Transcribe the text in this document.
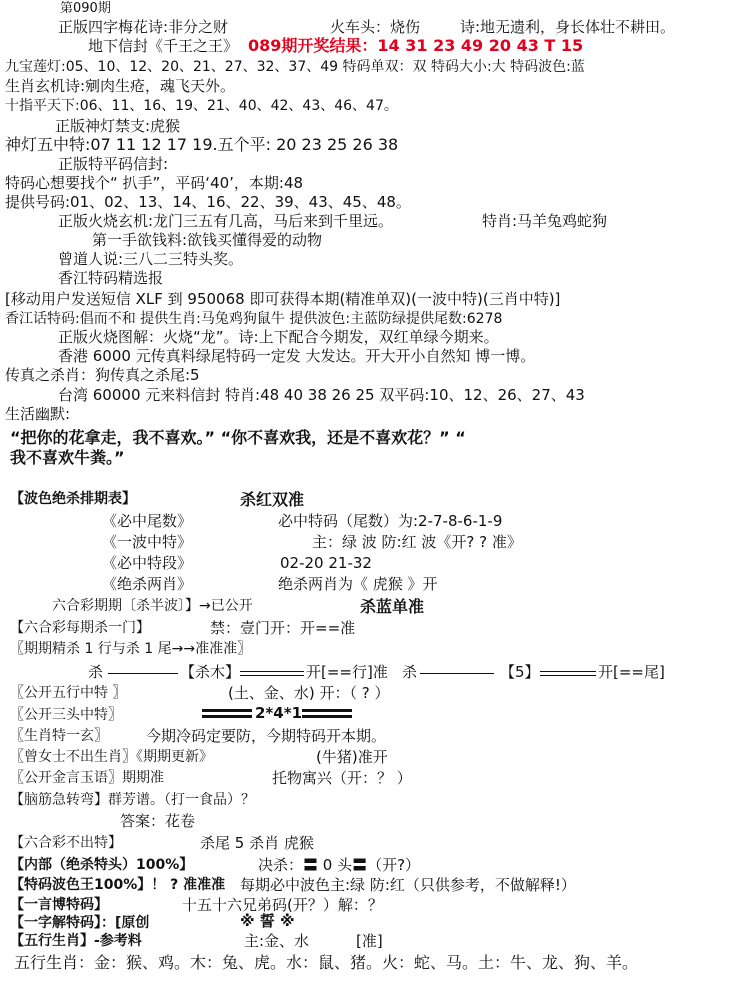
第090期
正版四字梅花诗:非分之财	火车头：烧伤	诗:地无遗利，身长体壮不耕田。
地下信封《千王之王》 089期开奖结果：14 31 23 49 20 43 T 15
九宝莲灯:05、10、12、20、21、27、32、37、49 特码单双：双 特码大小:大 特码波色:蓝
生肖玄机诗:剜肉生疮，魂飞天外。
十指平天下:06、11、16、19、21、40、42、43、46、47。
正版神灯禁支:虎猴
神灯五中特:07 11 12 17 19.五个平: 20 23 25 26 38
正版特平码信封:
特码心想要找个“ 扒手”，平码‘40’，本期:48
提供号码:01、02、13、14、16、22、39、43、45、48。
正版火烧玄机:龙门三五有几高，马后来到千里远。	特肖:马羊兔鸡蛇狗
第一手欲钱料:欲钱买懂得爱的动物
曾道人说:三八二三特头奖。
香江特码精选报
[移动用户发送短信 XLF 到 950068 即可获得本期(精准单双)(一波中特)(三肖中特)]
香江话特码:倡而不和 提供生肖:马兔鸡狗鼠牛 提供波色:主蓝防绿提供尾数:6278
正版火烧图解：火烧“龙”。诗:上下配合今期发，双红单绿今期来。
香港 6000 元传真料绿尾特码一定发 大发达。开大开小自然知 博一博。
传真之杀肖：狗传真之杀尾:5
台湾 60000 元来料信封 特肖:48 40 38 26 25 双平码:10、12、26、27、43
生活幽默:
“把你的花拿走，我不喜欢。” “你不喜欢我，还是不喜欢花？” “
我不喜欢牛粪。”
【波色绝杀排期表】	杀红双准
《必中尾数》	必中特码（尾数）为:2-7-8-6-1-9
《一波中特》	主：绿 波 防:红 波《开? ? 准》
《必中特段》	02-20 21-32
《绝杀两肖》	绝杀两肖为《 虎猴 》开
六合彩期期〔杀半波〕】→已公开	杀蓝单准
【六合彩每期杀一门】	禁：壹门开：开==准
〖期期精杀 1 行与杀 1 尾→→准准准〗
杀	【杀木】	开[==行]准 杀	【5】	开[==尾]
〖公开五行中特 〗	(土、金、水) 开：（ ? ）
〖公开三头中特〗	2*4*1
〖生肖特一玄〗	今期冷码定要防，今期特码开本期。
〖曾女士不出生肖〗《期期更新》	(牛猪)准开
〖公开金言玉语〗期期准	托物寓兴（开：？ ）
【脑筋急转弯】群芳谱。（打一食品）？
答案：花卷
【六合彩不出特】	杀尾 5 杀肖 虎猴
【内部（绝杀特头）100%】	决杀：〓 0 头〓（开?）
【特码波色王100%】！ ? 准准准 每期必中波色主:绿 防:红（只供参考，不做解释!）
【一言博特码】	十五十六兄弟码(开？）解：？
【一字解特码】：[原创	※ 誓 ※
【五行生肖】-参考料	主:金、水	[准]
五行生肖：金：猴、鸡。木：兔、虎。水：鼠、猪。火：蛇、马。土：牛、龙、狗、羊。
